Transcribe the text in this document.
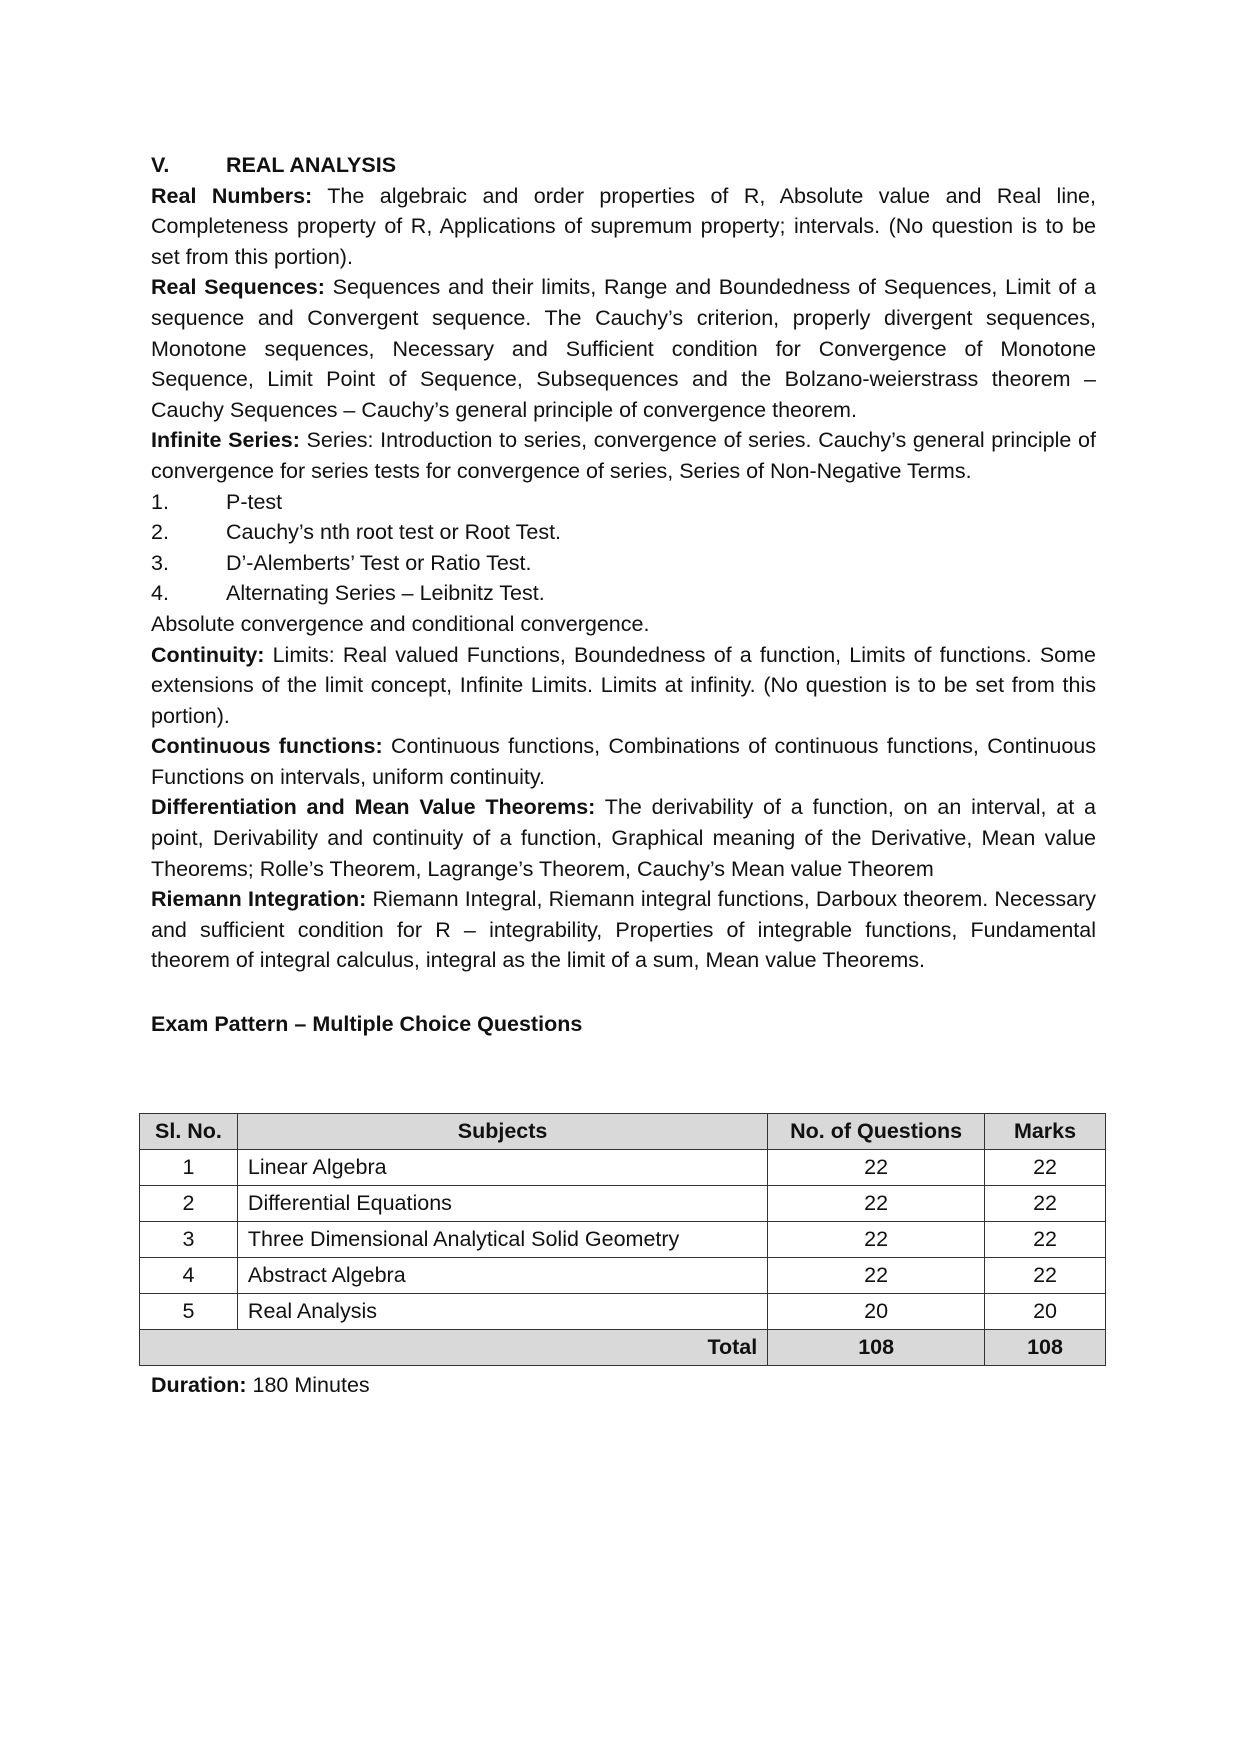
V.	REAL ANALYSIS

Real Numbers: The algebraic and order properties of R, Absolute value and Real line, Completeness property of R, Applications of supremum property; intervals. (No question is to be set from this portion).

Real Sequences: Sequences and their limits, Range and Boundedness of Sequences, Limit of a sequence and Convergent sequence. The Cauchy’s criterion, properly divergent sequences, Monotone sequences, Necessary and Sufficient condition for Convergence of Monotone Sequence, Limit Point of Sequence, Subsequences and the Bolzano-weierstrass theorem – Cauchy Sequences – Cauchy’s general principle of convergence theorem.

Infinite Series: Series: Introduction to series, convergence of series. Cauchy’s general principle of convergence for series tests for convergence of series, Series of Non-Negative Terms.

1.	P-test
2.	Cauchy’s nth root test or Root Test.
3.	D’-Alemberts’ Test or Ratio Test.
4.	Alternating Series – Leibnitz Test.

Absolute convergence and conditional convergence.

Continuity: Limits: Real valued Functions, Boundedness of a function, Limits of functions. Some extensions of the limit concept, Infinite Limits. Limits at infinity. (No question is to be set from this portion).

Continuous functions: Continuous functions, Combinations of continuous functions, Continuous Functions on intervals, uniform continuity.

Differentiation and Mean Value Theorems: The derivability of a function, on an interval, at a point, Derivability and continuity of a function, Graphical meaning of the Derivative, Mean value Theorems; Rolle’s Theorem, Lagrange’s Theorem, Cauchy’s Mean value Theorem

Riemann Integration: Riemann Integral, Riemann integral functions, Darboux theorem. Necessary and sufficient condition for R – integrability, Properties of integrable functions, Fundamental theorem of integral calculus, integral as the limit of a sum, Mean value Theorems.

Exam Pattern – Multiple Choice Questions
Sl. No.	Subjects	No. of Questions	Marks
1	Linear Algebra	22	22
2	Differential Equations	22	22
3	Three Dimensional Analytical Solid Geometry	22	22
4	Abstract Algebra	22	22
5	Real Analysis	20	20
Total		108	108
Duration: 180 Minutes
